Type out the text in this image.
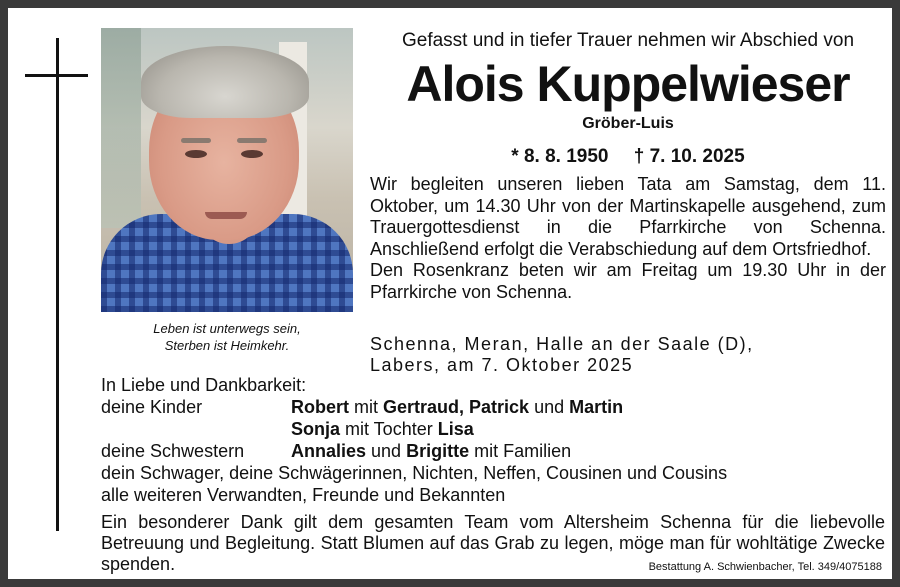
Leben ist unterwegs sein,
Sterben ist Heimkehr.
Gefasst und in tiefer Trauer nehmen wir Abschied von
Alois Kuppelwieser
Gröber-Luis
* 8. 8. 1950 † 7. 10. 2025

Wir begleiten unseren lieben Tata am Samstag, dem 11. Oktober, um 14.30 Uhr von der Martinskapelle ausgehend, zum Trauergottesdienst in die Pfarrkirche von Schenna. Anschließend erfolgt die Verabschiedung auf dem Ortsfriedhof.

Den Rosenkranz beten wir am Freitag um 19.30 Uhr in der Pfarrkirche von Schenna.

Schenna, Meran, Halle an der Saale (D),
Labers, am 7. Oktober 2025
In Liebe und Dankbarkeit:
deine Kinder	Robert mit Gertraud, Patrick und Martin
Sonja mit Tochter Lisa
deine Schwestern	Annalies und Brigitte mit Familien
dein Schwager, deine Schwägerinnen, Nichten, Neffen, Cousinen und Cousins
alle weiteren Verwandten, Freunde und Bekannten
Ein besonderer Dank gilt dem gesamten Team vom Altersheim Schenna für die liebevolle Betreuung und Begleitung. Statt Blumen auf das Grab zu legen, möge man für wohltätige Zwecke spenden.	Bestattung A. Schwienbacher, Tel. 349/4075188
